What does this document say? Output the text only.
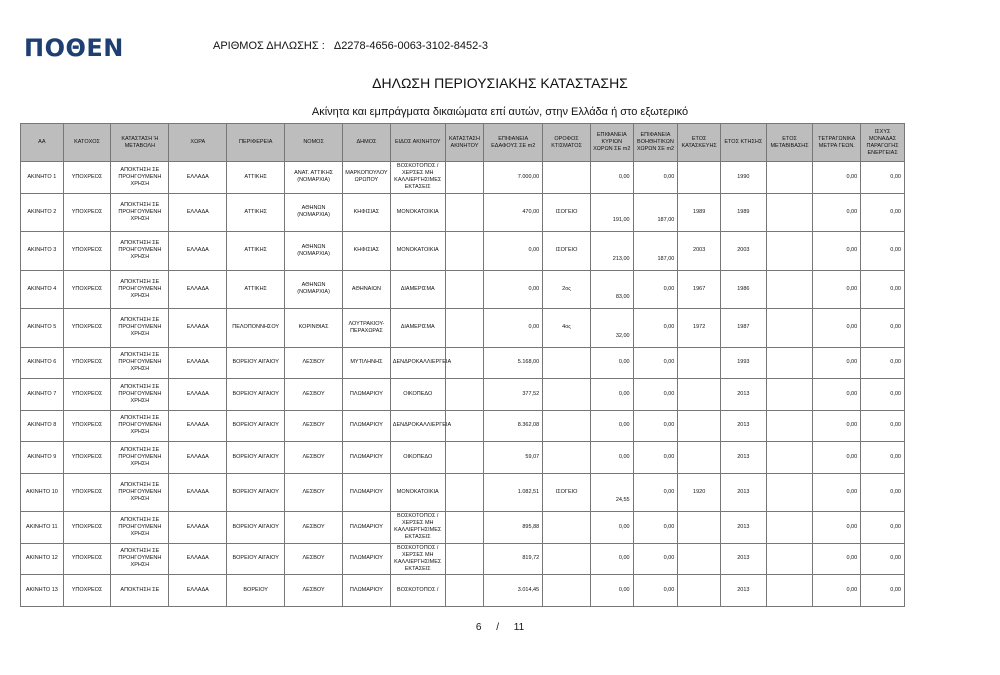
ΠΟΘΕΝ	ΑΡΙΘΜΟΣ ΔΗΛΩΣΗΣ : Δ2278-4656-0063-3102-8452-3
ΔΗΛΩΣΗ ΠΕΡΙΟΥΣΙΑΚΗΣ ΚΑΤΑΣΤΑΣΗΣ
Ακίνητα και εμπράγματα δικαιώματα επί αυτών, στην Ελλάδα ή στο εξωτερικό
ΑΑ	ΚΑΤΟΧΟΣ	ΚΑΤΑΣΤΑΣΗ Ή ΜΕΤΑΒΟΛΗ	ΧΩΡΑ	ΠΕΡΙΦΕΡΕΙΑ	ΝΟΜΟΣ	ΔΗΜΟΣ	ΕΙΔΟΣ ΑΚΙΝΗΤΟΥ	ΚΑΤΑΣΤΑΣΗ ΑΚΙΝΗΤΟΥ	ΕΠΙΦΑΝΕΙΑ ΕΔΑΦΟΥΣ ΣΕ m2	ΟΡΟΦΟΣ ΚΤΙΣΜΑΤΟΣ	ΕΠΙΦΑΝΕΙΑ ΚΥΡΙΩΝ ΧΩΡΩΝ ΣΕ m2	ΕΠΙΦΑΝΕΙΑ ΒΟΗΘΗΤΙΚΩΝ ΧΩΡΩΝ ΣΕ m2	ΕΤΟΣ ΚΑΤΑΣΚΕΥΗΣ	ΕΤΟΣ ΚΤΗΣΗΣ	ΕΤΟΣ ΜΕΤΑΒΙΒΑΣΗΣ	ΤΕΤΡΑΓΩΝΙΚΑ ΜΕΤΡΑ ΓΕΩΝ.	ΙΣΧΥΣ ΜΟΝΑΔΑΣ ΠΑΡΑΓΩΓΗΣ ΕΝΕΡΓΕΙΑΣ
ΑΚΙΝΗΤΟ 1	ΥΠΟΧΡΕΟΣ	ΑΠΟΚΤΗΣΗ ΣΕ ΠΡΟΗΓΟΥΜΕΝΗ ΧΡΗΣΗ	ΕΛΛΑΔΑ	ΑΤΤΙΚΗΣ	ΑΝΑΤ. ΑΤΤΙΚΗΣ (ΝΟΜΑΡΧΙΑ)	ΜΑΡΚΟΠΟΥΛΟΥ ΩΡΩΠΟΥ	ΒΟΣΚΟΤΟΠΟΣ / ΧΕΡΣΕΣ ΜΗ ΚΑΛΛΙΕΡΓΗΣΙΜΕΣ ΕΚΤΑΣΕΙΣ		7.000,00		0,00	0,00		1990		0,00	0,00
ΑΚΙΝΗΤΟ 2	ΥΠΟΧΡΕΟΣ	ΑΠΟΚΤΗΣΗ ΣΕ ΠΡΟΗΓΟΥΜΕΝΗ ΧΡΗΣΗ	ΕΛΛΑΔΑ	ΑΤΤΙΚΗΣ	ΑΘΗΝΩΝ (ΝΟΜΑΡΧΙΑ)	ΚΗΦΙΣΙΑΣ	ΜΟΝΟΚΑΤΟΙΚΙΑ		470,00	ΙΣΟΓΕΙΟ	191,00	187,00	1989	1989		0,00	0,00
ΑΚΙΝΗΤΟ 3	ΥΠΟΧΡΕΟΣ	ΑΠΟΚΤΗΣΗ ΣΕ ΠΡΟΗΓΟΥΜΕΝΗ ΧΡΗΣΗ	ΕΛΛΑΔΑ	ΑΤΤΙΚΗΣ	ΑΘΗΝΩΝ (ΝΟΜΑΡΧΙΑ)	ΚΗΦΙΣΙΑΣ	ΜΟΝΟΚΑΤΟΙΚΙΑ		0,00	ΙΣΟΓΕΙΟ	213,00	187,00	2003	2003		0,00	0,00
ΑΚΙΝΗΤΟ 4	ΥΠΟΧΡΕΟΣ	ΑΠΟΚΤΗΣΗ ΣΕ ΠΡΟΗΓΟΥΜΕΝΗ ΧΡΗΣΗ	ΕΛΛΑΔΑ	ΑΤΤΙΚΗΣ	ΑΘΗΝΩΝ (ΝΟΜΑΡΧΙΑ)	ΑΘΗΝΑΙΩΝ	ΔΙΑΜΕΡΙΣΜΑ		0,00	2ος	83,00	0,00	1967	1986		0,00	0,00
ΑΚΙΝΗΤΟ 5	ΥΠΟΧΡΕΟΣ	ΑΠΟΚΤΗΣΗ ΣΕ ΠΡΟΗΓΟΥΜΕΝΗ ΧΡΗΣΗ	ΕΛΛΑΔΑ	ΠΕΛΟΠΟΝΝΗΣΟΥ	ΚΟΡΙΝΘΙΑΣ	ΛΟΥΤΡΑΚΙΟΥ-ΠΕΡΑΧΩΡΑΣ	ΔΙΑΜΕΡΙΣΜΑ		0,00	4ος	32,00	0,00	1972	1987		0,00	0,00
ΑΚΙΝΗΤΟ 6	ΥΠΟΧΡΕΟΣ	ΑΠΟΚΤΗΣΗ ΣΕ ΠΡΟΗΓΟΥΜΕΝΗ ΧΡΗΣΗ	ΕΛΛΑΔΑ	ΒΟΡΕΙΟΥ ΑΙΓΑΙΟΥ	ΛΕΣΒΟΥ	ΜΥΤΙΛΗΝΗΣ	ΔΕΝΔΡΟΚΑΛΛΙΕΡΓΕΙΑ		5.168,00		0,00	0,00		1993		0,00	0,00
ΑΚΙΝΗΤΟ 7	ΥΠΟΧΡΕΟΣ	ΑΠΟΚΤΗΣΗ ΣΕ ΠΡΟΗΓΟΥΜΕΝΗ ΧΡΗΣΗ	ΕΛΛΑΔΑ	ΒΟΡΕΙΟΥ ΑΙΓΑΙΟΥ	ΛΕΣΒΟΥ	ΠΛΩΜΑΡΙΟΥ	ΟΙΚΟΠΕΔΟ		377,52		0,00	0,00		2013		0,00	0,00
ΑΚΙΝΗΤΟ 8	ΥΠΟΧΡΕΟΣ	ΑΠΟΚΤΗΣΗ ΣΕ ΠΡΟΗΓΟΥΜΕΝΗ ΧΡΗΣΗ	ΕΛΛΑΔΑ	ΒΟΡΕΙΟΥ ΑΙΓΑΙΟΥ	ΛΕΣΒΟΥ	ΠΛΩΜΑΡΙΟΥ	ΔΕΝΔΡΟΚΑΛΛΙΕΡΓΕΙΑ		8.362,08		0,00	0,00		2013		0,00	0,00
ΑΚΙΝΗΤΟ 9	ΥΠΟΧΡΕΟΣ	ΑΠΟΚΤΗΣΗ ΣΕ ΠΡΟΗΓΟΥΜΕΝΗ ΧΡΗΣΗ	ΕΛΛΑΔΑ	ΒΟΡΕΙΟΥ ΑΙΓΑΙΟΥ	ΛΕΣΒΟΥ	ΠΛΩΜΑΡΙΟΥ	ΟΙΚΟΠΕΔΟ		59,07		0,00	0,00		2013		0,00	0,00
ΑΚΙΝΗΤΟ 10	ΥΠΟΧΡΕΟΣ	ΑΠΟΚΤΗΣΗ ΣΕ ΠΡΟΗΓΟΥΜΕΝΗ ΧΡΗΣΗ	ΕΛΛΑΔΑ	ΒΟΡΕΙΟΥ ΑΙΓΑΙΟΥ	ΛΕΣΒΟΥ	ΠΛΩΜΑΡΙΟΥ	ΜΟΝΟΚΑΤΟΙΚΙΑ		1.082,51	ΙΣΟΓΕΙΟ	24,55	0,00	1920	2013		0,00	0,00
ΑΚΙΝΗΤΟ 11	ΥΠΟΧΡΕΟΣ	ΑΠΟΚΤΗΣΗ ΣΕ ΠΡΟΗΓΟΥΜΕΝΗ ΧΡΗΣΗ	ΕΛΛΑΔΑ	ΒΟΡΕΙΟΥ ΑΙΓΑΙΟΥ	ΛΕΣΒΟΥ	ΠΛΩΜΑΡΙΟΥ	ΒΟΣΚΟΤΟΠΟΣ / ΧΕΡΣΕΣ ΜΗ ΚΑΛΛΙΕΡΓΗΣΙΜΕΣ ΕΚΤΑΣΕΙΣ		895,88		0,00	0,00		2013		0,00	0,00
ΑΚΙΝΗΤΟ 12	ΥΠΟΧΡΕΟΣ	ΑΠΟΚΤΗΣΗ ΣΕ ΠΡΟΗΓΟΥΜΕΝΗ ΧΡΗΣΗ	ΕΛΛΑΔΑ	ΒΟΡΕΙΟΥ ΑΙΓΑΙΟΥ	ΛΕΣΒΟΥ	ΠΛΩΜΑΡΙΟΥ	ΒΟΣΚΟΤΟΠΟΣ / ΧΕΡΣΕΣ ΜΗ ΚΑΛΛΙΕΡΓΗΣΙΜΕΣ ΕΚΤΑΣΕΙΣ		819,72		0,00	0,00		2013		0,00	0,00
ΑΚΙΝΗΤΟ 13	ΥΠΟΧΡΕΟΣ	ΑΠΟΚΤΗΣΗ ΣΕ	ΕΛΛΑΔΑ	ΒΟΡΕΙΟΥ	ΛΕΣΒΟΥ	ΠΛΩΜΑΡΙΟΥ	ΒΟΣΚΟΤΟΠΟΣ /		3.014,45		0,00	0,00		2013		0,00	0,00
6 / 11
